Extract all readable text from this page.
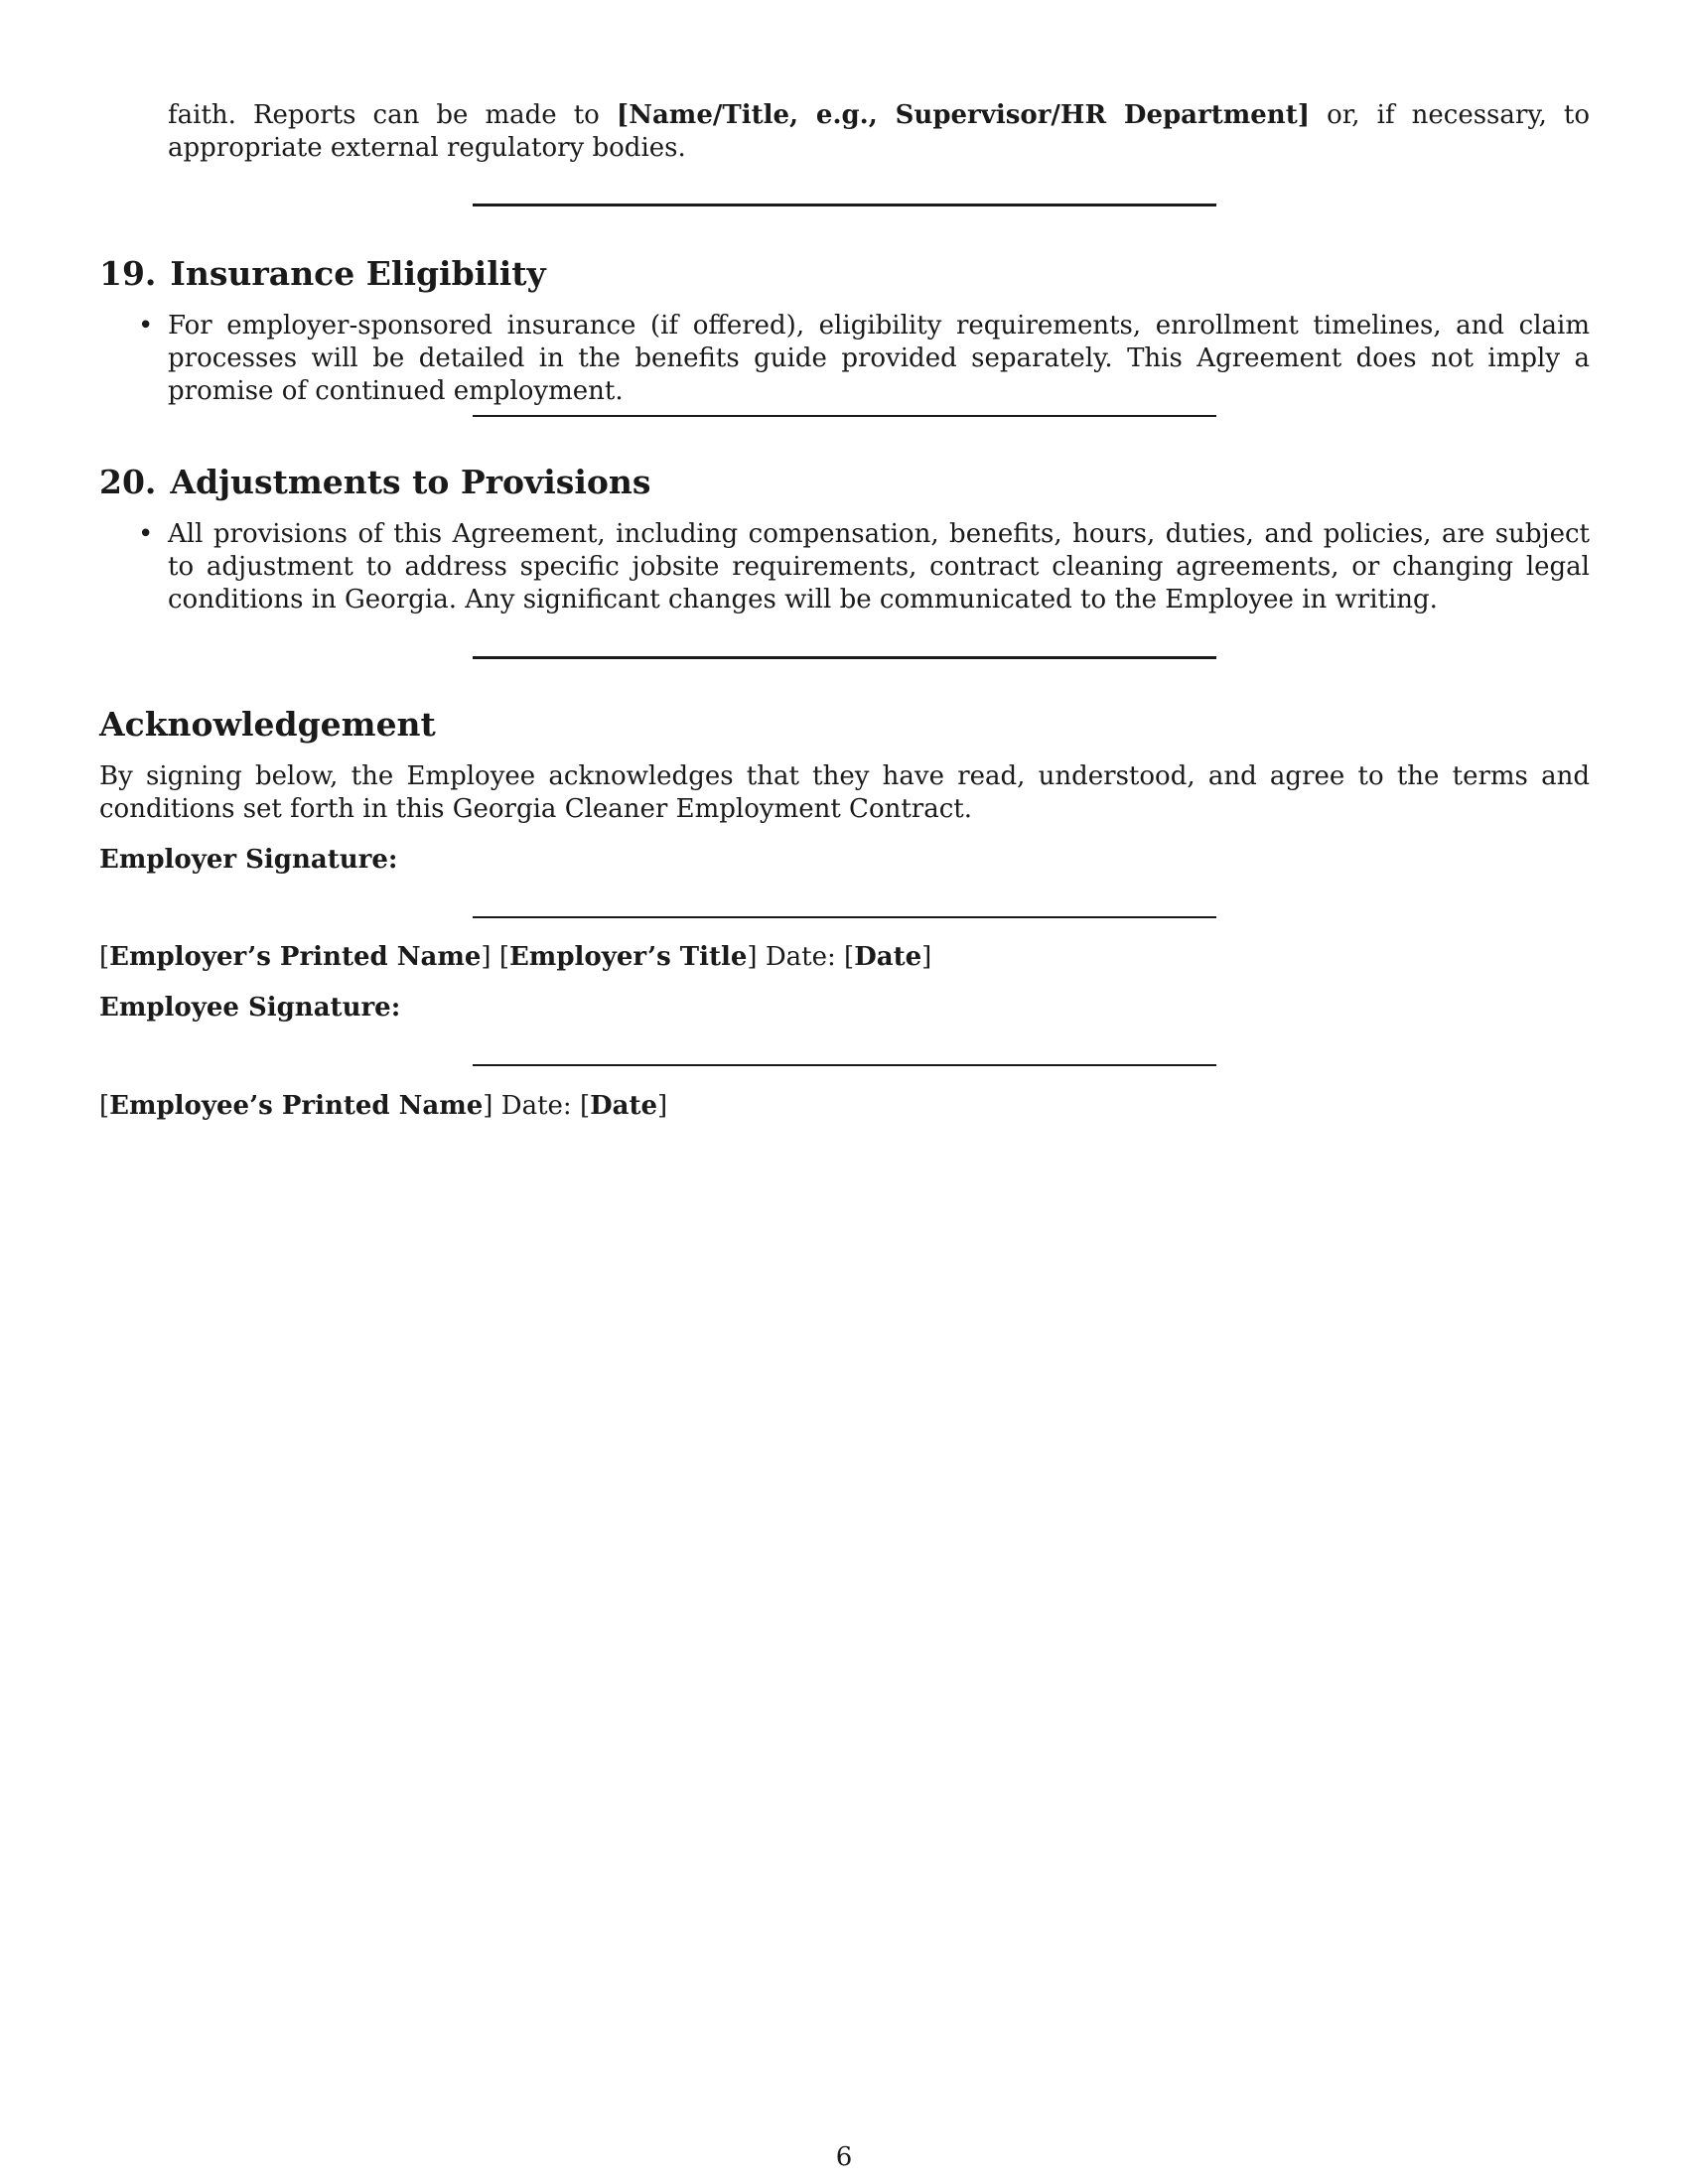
faith. Reports can be made to [Name/Title, e.g., Supervisor/HR Department] or, if necessary, to appropriate external regulatory bodies.
19. Insurance Eligibility
• For employer-sponsored insurance (if offered), eligibility requirements, enrollment timelines, and claim processes will be detailed in the benefits guide provided separately. This Agreement does not imply a promise of continued employment.
20. Adjustments to Provisions
• All provisions of this Agreement, including compensation, benefits, hours, duties, and policies, are subject to adjustment to address specific jobsite requirements, contract cleaning agreements, or changing legal conditions in Georgia. Any significant changes will be communicated to the Employee in writing.
Acknowledgement
By signing below, the Employee acknowledges that they have read, understood, and agree to the terms and conditions set forth in this Georgia Cleaner Employment Contract.
Employer Signature:
[Employer’s Printed Name] [Employer’s Title] Date: [Date]
Employee Signature:
[Employee’s Printed Name] Date: [Date]
6
